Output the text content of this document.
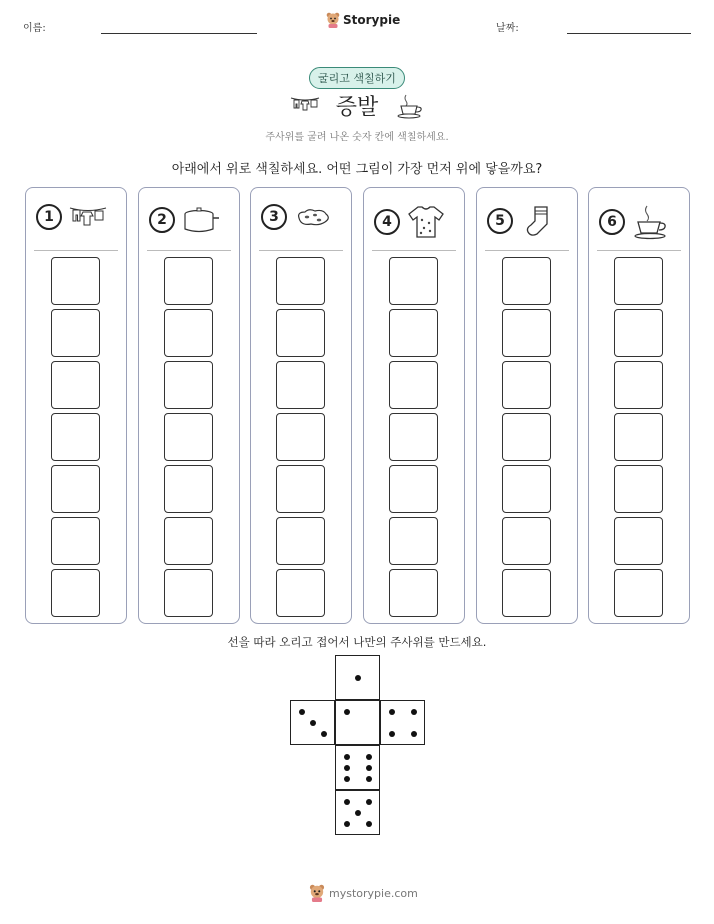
이름:	날짜:
Storypie
굴리고 색칠하기
증발
주사위를 굴려 나온 숫자 칸에 색칠하세요.
아래에서 위로 색칠하세요. 어떤 그림이 가장 먼저 위에 닿을까요?
1	2	3	4	5	6
선을 따라 오리고 접어서 나만의 주사위를 만드세요.
mystorypie.com
